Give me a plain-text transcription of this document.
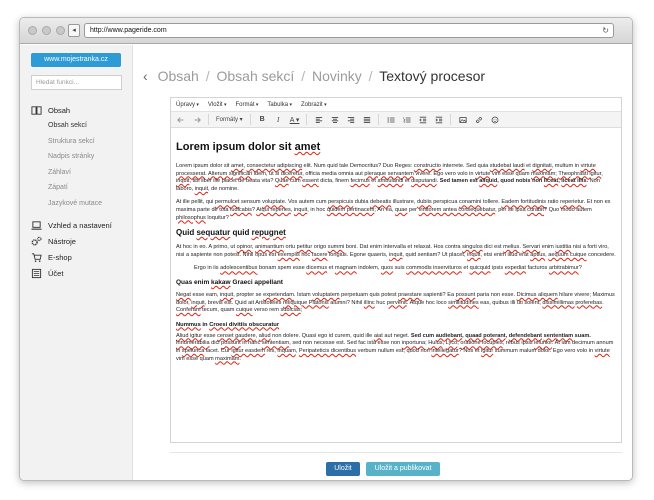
◂	http://www.pageride.com	↻
www.mojestranka.cz
Hledat funkci...
Obsah
Obsah sekcí
Struktura sekcí
Nadpis stránky
Záhlaví
Zápatí
Jazykové mutace
Vzhled a nastavení
Nástroje
E-shop
Účet
‹ Obsah / Obsah sekcí / Novinky / Textový procesor
Úpravy ▾	Vložit ▾	Formát ▾	Tabulka ▾	Zobrazit ▾
Formáty ▾ B	I	A ▾
Lorem ipsum dolor sit amet

Lorem ipsum dolor sit amet, consectetur adipiscing elit. Num quid tale Democritus? Duo Reges: constructio interrete. Sed quia studebat laudi et dignitati, multum in virtute processerat. Alterum significari idem, ut si diceretur, officia media omnia aut pleraque servantem vivere. Ego vero volo in virtute vim esse quam maximam; Theophrasti igitur, inquit, tibi liber ille placet de beata vita? Quae cum essent dicta, finem fecimus et ambulandi et disputandi. Sed tamen est aliquid, quod nobis non liceat, liceat illis. Non laboro, inquit, de nomine.

At ille pellit, qui permulcet sensum voluptate. Vos autem cum perspicuis dubia debeatis illustrare, dubiis perspicua conamini tollere. Eadem fortitudinis ratio reperietur. Et non ex maxima parte de tota iudicabis? Atqui reperies, inquit, in hoc quidem pertinacem; An ea, quae per vinitorem antea consequebatur, per se ipsa curabit? Quo modo autem philosophus loquitur?

Quid sequatur quid repugnet

At hoc in eo. A primo, ut opinor, animantium ortu petitur origo summi boni. Dat enim intervalla et relaxat. Hos contra singulos dici est melius. Servari enim iustitia nisi a forti viro, nisi a sapiente non potest. Nihil opus est exemplis hoc facere longius. Egone quaeris, inquit, quid sentiam? Ut placet, inquit, etsi enim illud erat aptius, aequum cuique concedere.

Ergo in iis adolescentibus bonam spem esse dicemus et magnam indolem, quos suis commodis inservituros et quicquid ipsis expediat facturos arbitrabimur?
Quas enim kakaw Graeci appellant

Negat esse eam, inquit, propter se expetendam. Istam voluptatem perpetuam quis potest praestare sapienti? Ea possunt paria non esse. Dicimus aliquem hilare vivere; Maximus dolor, inquit, brevis est. Quid ait Aristoteles reliquique Platonis alumni? Nihil illinc huc pervenit. Atque hoc loco similitudines eas, quibus illi uti solent, dissimillimas proferebas. Conferam tecum, quam cuique verso rem subicias;

Nummus in Croesi divitiis obscuratur

Aliud igitur esse censet gaudere, aliud non dolere. Quasi ego id curem, quid ille aiat aut neget. Sed cum audiebant, quaad poterant, defendebant sententiam suam. Innumerabilia dici possunt in hanc sententiam, sed non necesse est. Sed fac ista esse non inportuna; Huius, Lyco, oratione locuples, rebus ipsis ielunior. At iam decimum annum in spelunca iacet. Cur igitur easdem res, inquam, Peripateticis dicentibus verbum nullum est, quod non intellegatur? Nos et igitur summum malum dolor. Ego vero volo in virtute vim esse quam maximam.

Uložit	Uložit a publikovat
